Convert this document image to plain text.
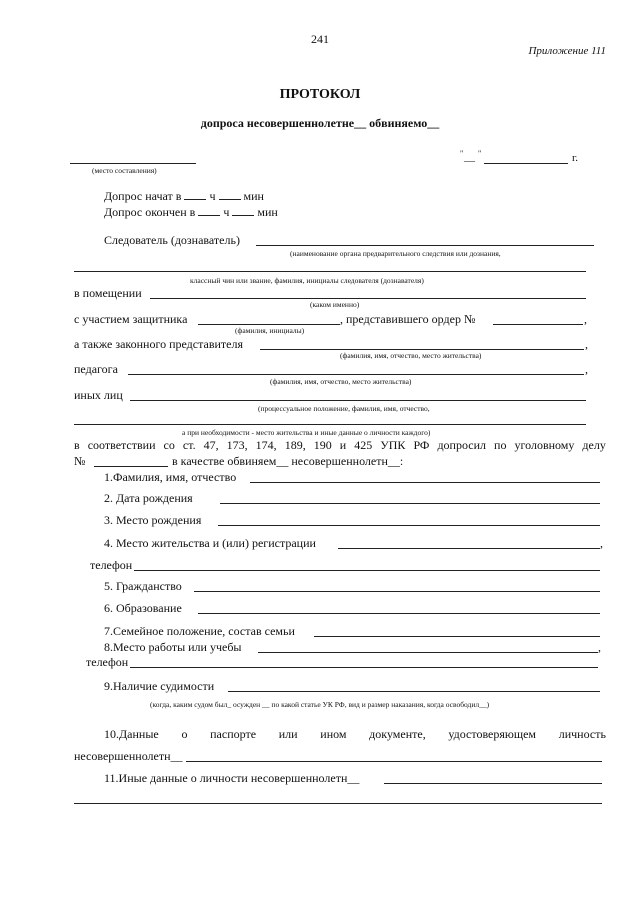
241
Приложение 111
ПРОТОКОЛ
допроса несовершеннолетне__ обвиняемо__
(место составления)
" "
__	г.
Допрос начат в ч мин
Допрос окончен в ч мин
Следователь (дознаватель)
(наименование органа предварительного следствия или дознания,
классный чин или звание, фамилия, инициалы следователя (дознавателя)
в помещении
(каком именно)
с участием защитника	, представившего ордер №	,
(фамилия, инициалы)
а также законного представителя	,
(фамилия, имя, отчество, место жительства)
педагога	,
(фамилия, имя, отчество, место жительства)
иных лиц
(процессуальное положение, фамилия, имя, отчество,
а при необходимости - место жительства и иные данные о личности каждого)
в соответствии со ст. 47, 173, 174, 189, 190 и 425 УПК РФ допросил по уголовному делу
№	в качестве обвиняем__ несовершеннолетн__:
1.Фамилия, имя, отчество
2. Дата рождения
3. Место рождения
4. Место жительства и (или) регистрации	,
телефон
5. Гражданство
6. Образование
7.Семейное положение, состав семьи
8.Место работы или учебы	,
телефон
9.Наличие судимости
(когда, каким судом был_ осужден __ по какой статье УК РФ, вид и размер наказания, когда освободил__)
10.Данные о паспорте или ином документе, удостоверяющем личность
несовершеннолетн__
11.Иные данные о личности несовершеннолетн__
